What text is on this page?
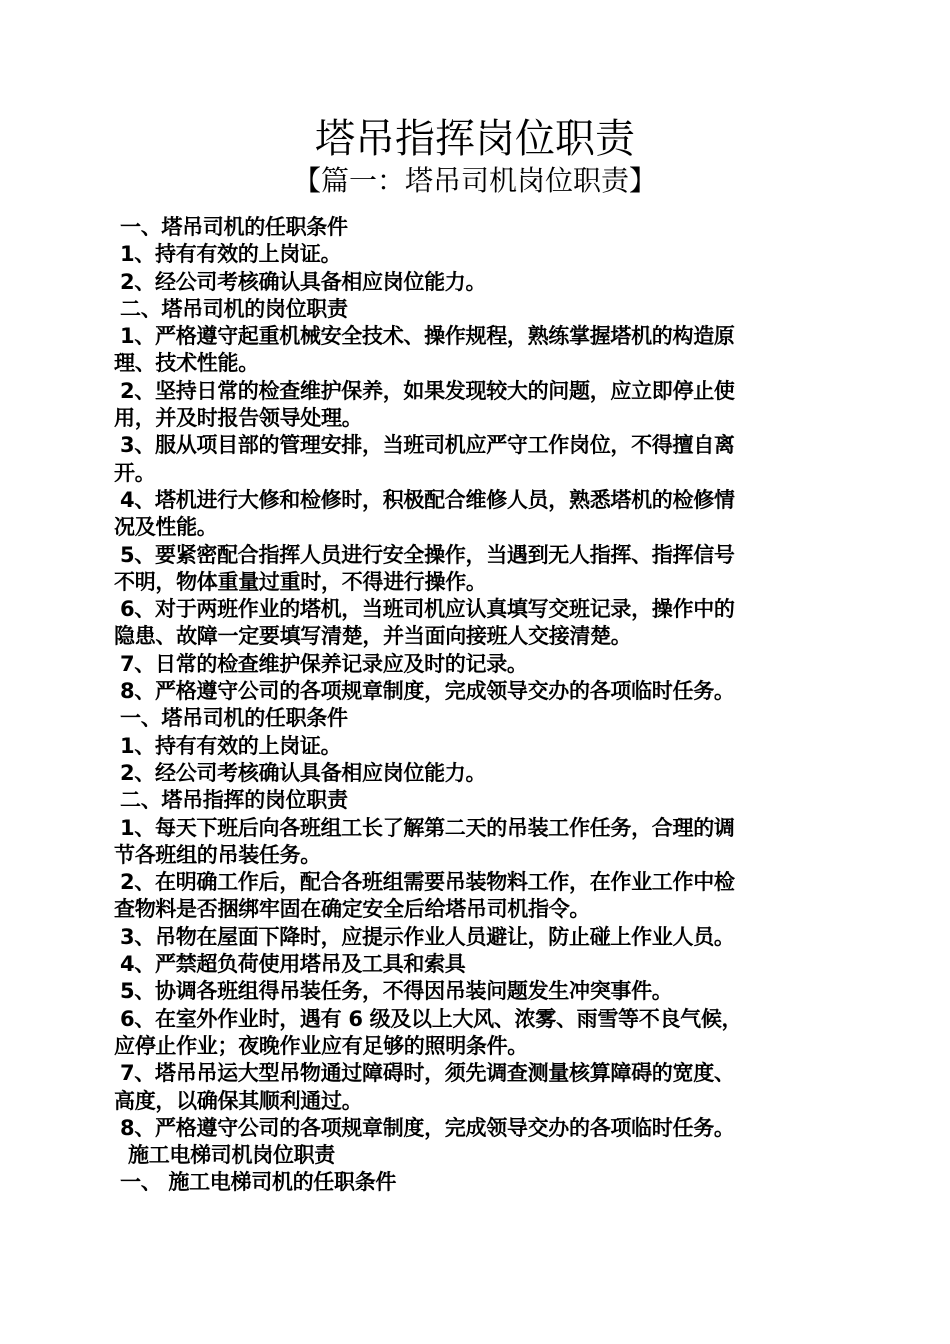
塔吊指挥岗位职责
【篇一：塔吊司机岗位职责】
一、塔吊司机的任职条件
1、持有有效的上岗证。
2、经公司考核确认具备相应岗位能力。
二、塔吊司机的岗位职责
1、严格遵守起重机械安全技术、操作规程，熟练掌握塔机的构造原
理、技术性能。
2、坚持日常的检查维护保养，如果发现较大的问题，应立即停止使
用，并及时报告领导处理。
3、服从项目部的管理安排，当班司机应严守工作岗位，不得擅自离
开。
4、塔机进行大修和检修时，积极配合维修人员，熟悉塔机的检修情
况及性能。
5、要紧密配合指挥人员进行安全操作，当遇到无人指挥、指挥信号
不明，物体重量过重时，不得进行操作。
6、对于两班作业的塔机，当班司机应认真填写交班记录，操作中的
隐患、故障一定要填写清楚，并当面向接班人交接清楚。
7、日常的检查维护保养记录应及时的记录。
8、严格遵守公司的各项规章制度，完成领导交办的各项临时任务。
一、塔吊司机的任职条件
1、持有有效的上岗证。
2、经公司考核确认具备相应岗位能力。
二、塔吊指挥的岗位职责
1、每天下班后向各班组工长了解第二天的吊装工作任务，合理的调
节各班组的吊装任务。
2、在明确工作后，配合各班组需要吊装物料工作，在作业工作中检
查物料是否捆绑牢固在确定安全后给塔吊司机指令。
3、吊物在屋面下降时，应提示作业人员避让，防止碰上作业人员。
4、严禁超负荷使用塔吊及工具和索具
5、协调各班组得吊装任务，不得因吊装问题发生冲突事件。
6、在室外作业时，遇有 6 级及以上大风、浓雾、雨雪等不良气候，
应停止作业；夜晚作业应有足够的照明条件。
7、塔吊吊运大型吊物通过障碍时，须先调查测量核算障碍的宽度、
高度，以确保其顺利通过。
8、严格遵守公司的各项规章制度，完成领导交办的各项临时任务。
施工电梯司机岗位职责
一、 施工电梯司机的任职条件
